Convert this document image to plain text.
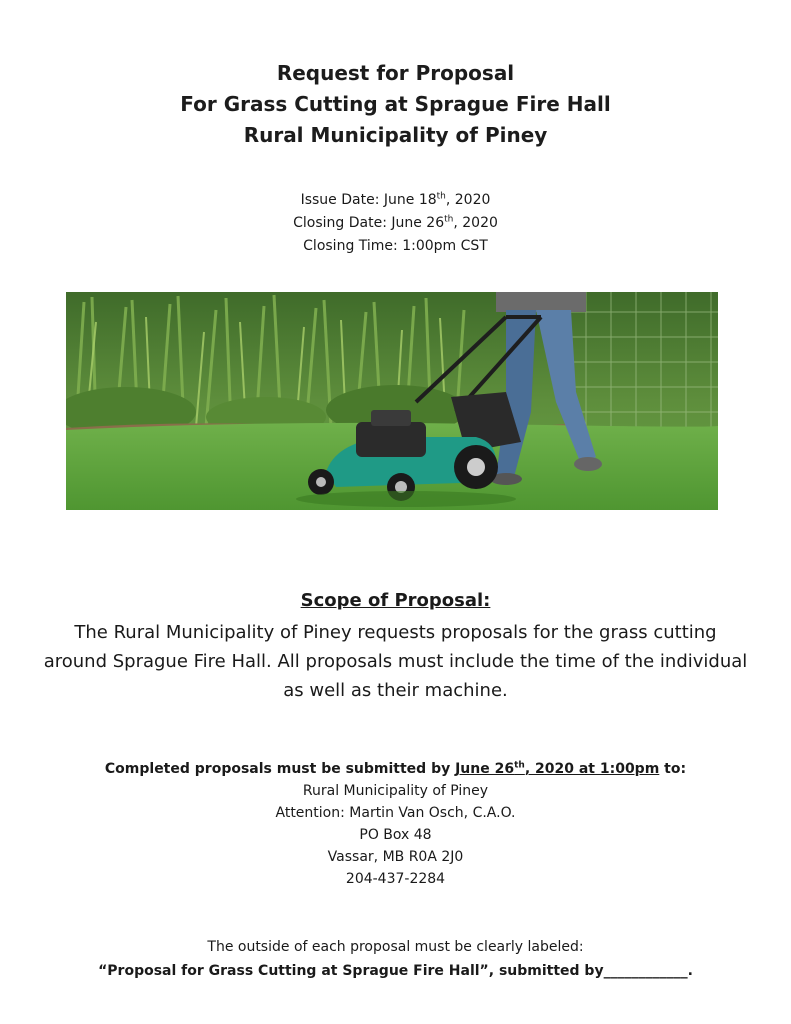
Request for Proposal
For Grass Cutting at Sprague Fire Hall
Rural Municipality of Piney
Issue Date: June 18th, 2020
Closing Date: June 26th, 2020
Closing Time: 1:00pm CST
Scope of Proposal:
The Rural Municipality of Piney requests proposals for the grass cutting around Sprague Fire Hall. All proposals must include the time of the individual as well as their machine.
Completed proposals must be submitted by June 26th, 2020 at 1:00pm to:
Rural Municipality of Piney
Attention: Martin Van Osch, C.A.O.
PO Box 48
Vassar, MB R0A 2J0
204-437-2284
The outside of each proposal must be clearly labeled:
“Proposal for Grass Cutting at Sprague Fire Hall”, submitted by____________.
